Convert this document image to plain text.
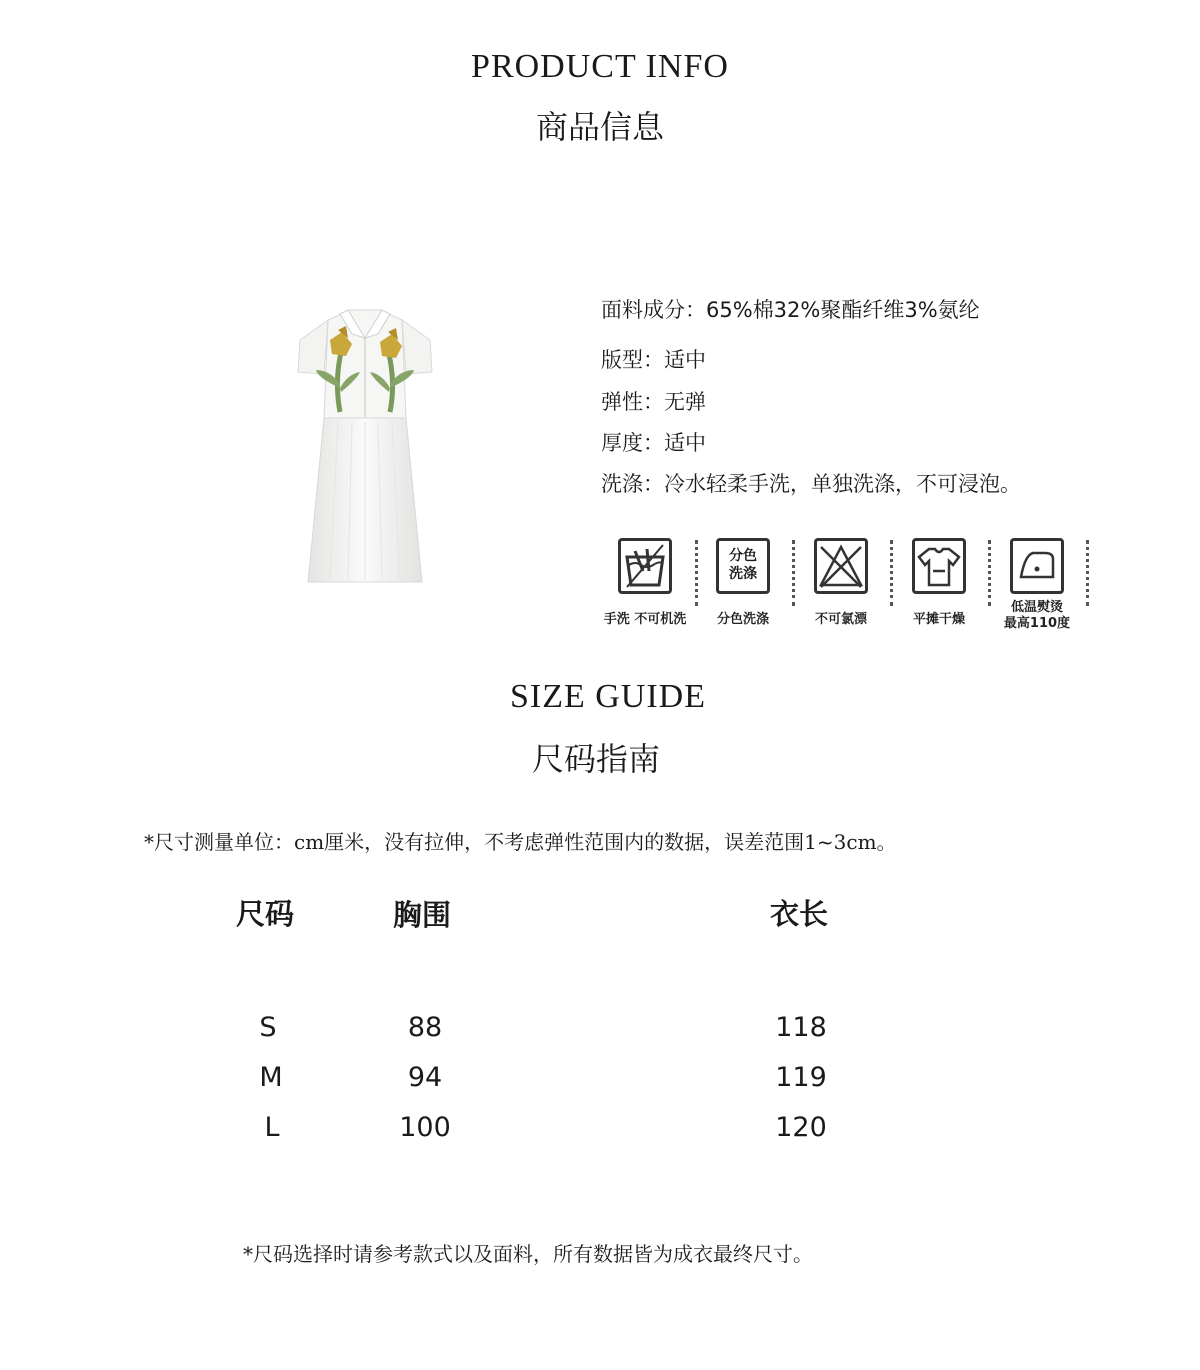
PRODUCT INFO
商品信息
面料成分：65%棉32%聚酯纤维3%氨纶
版型：适中
弹性：无弹
厚度：适中
洗涤：冷水轻柔手洗，单独洗涤，不可浸泡。
手洗 不可机洗
分色
洗涤
分色洗涤	不可氯漂	平摊干燥
低温熨烫
最高110度
SIZE GUIDE
尺码指南
*尺寸测量单位：cm厘米，没有拉伸，不考虑弹性范围内的数据，误差范围1~3cm。
尺码	胸围	衣长
S	88	118
M	94	119
L	100	120
*尺码选择时请参考款式以及面料，所有数据皆为成衣最终尺寸。
